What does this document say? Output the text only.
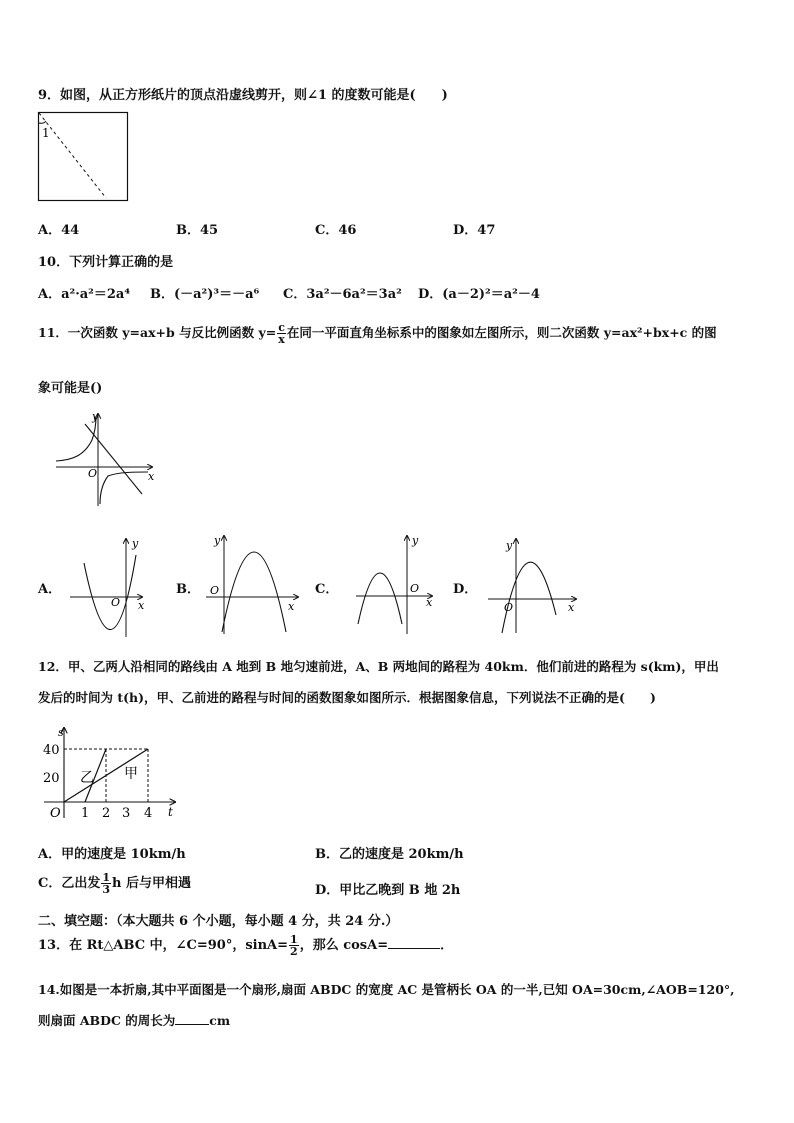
9．如图，从正方形纸片的顶点沿虚线剪开，则∠1 的度数可能是(　　)
1
A．44	B．45	C．46	D．47
10．下列计算正确的是
A．a²·a²＝2a⁴ B．(－a²)³＝－a⁶ C．3a²－6a²＝3a² D．(a－2)²＝a²－4
11．一次函数 y=ax+b 与反比例函数 $y= \frac{c}{x}$ 在同一平面直角坐标系中的图象如左图所示，则二次函数 y=ax²+bx+c 的图
象可能是()
y
x
O
A．
y
x
O
B．
y
x
O	C．
y
x
O	D．
y
x
O
12．甲、乙两人沿相同的路线由 A 地到 B 地匀速前进，A、B 两地间的路程为 40km．他们前进的路程为 s(km)，甲出
发后的时间为 t(h)，甲、乙前进的路程与时间的函数图象如图所示．根据图象信息，下列说法不正确的是(　　)
s
t
O
40
20
1 2 3 4
乙 甲
A．甲的速度是 10km/h	B．乙的速度是 20km/h
C．乙出发 $\frac{1}{3}$ h 后与甲相遇	D．甲比乙晚到 B 地 2h
二、填空题：（本大题共 6 个小题，每小题 4 分，共 24 分.）
13．在 Rt△ABC 中，∠C=90°，$\sin A= \frac{1}{2}$ ，那么 cosA=	．
14.如图是一本折扇,其中平面图是一个扇形,扇面 ABDC 的宽度 AC 是管柄长 OA 的一半,已知 OA=30cm,∠AOB=120°,
则扇面 ABDC 的周长为	cm
